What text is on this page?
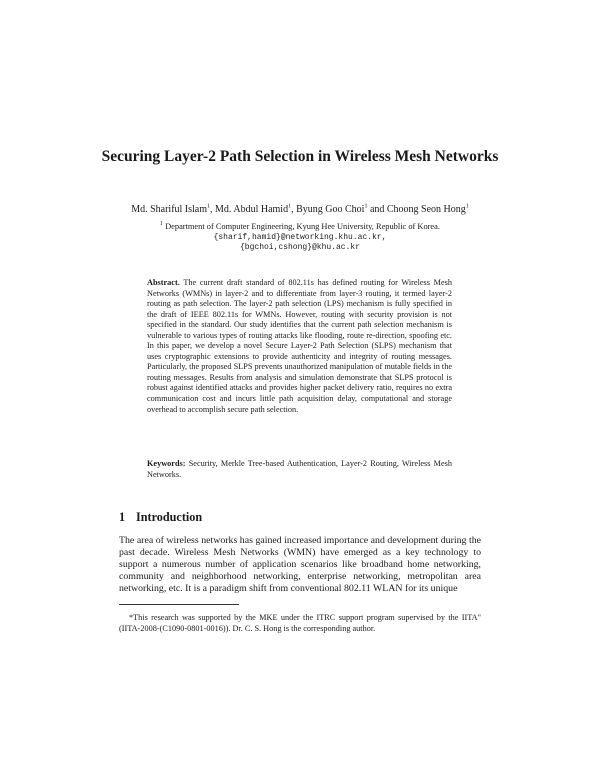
Securing Layer-2 Path Selection in Wireless Mesh Networks
Md. Shariful Islam$^1$, Md. Abdul Hamid$^1$, Byung Goo Choi$^1$ and Choong Seon Hong$^1$
$^1$ Department of Computer Engineering, Kyung Hee University, Republic of Korea.
{sharif,hamid}@networking.khu.ac.kr,
{bgchoi,cshong}@khu.ac.kr
Abstract. The current draft standard of 802.11s has defined routing for Wireless Mesh Networks (WMNs) in layer-2 and to differentiate from layer-3 routing, it termed layer-2 routing as path selection. The layer-2 path selection (LPS) mechanism is fully specified in the draft of IEEE 802.11s for WMNs. However, routing with security provision is not specified in the standard. Our study identifies that the current path selection mechanism is vulnerable to various types of routing attacks like flooding, route re-direction, spoofing etc. In this paper, we develop a novel Secure Layer-2 Path Selection (SLPS) mechanism that uses cryptographic extensions to provide authenticity and integrity of routing messages. Particularly, the proposed SLPS prevents unauthorized manipulation of mutable fields in the routing messages. Results from analysis and simulation demonstrate that SLPS protocol is robust against identified attacks and provides higher packet delivery ratio, requires no extra communication cost and incurs little path acquisition delay, computational and storage overhead to accomplish secure path selection.
Keywords: Security, Merkle Tree-based Authentication, Layer-2 Routing, Wireless Mesh Networks.
1 Introduction
The area of wireless networks has gained increased importance and development during the past decade. Wireless Mesh Networks (WMN) have emerged as a key technology to support a numerous number of application scenarios like broadband home networking, community and neighborhood networking, enterprise networking, metropolitan area networking, etc. It is a paradigm shift from conventional 802.11 WLAN for its unique
*This research was supported by the MKE under the ITRC support program supervised by the IITA" (IITA-2008-(C1090-0801-0016)). Dr. C. S. Hong is the corresponding author.
